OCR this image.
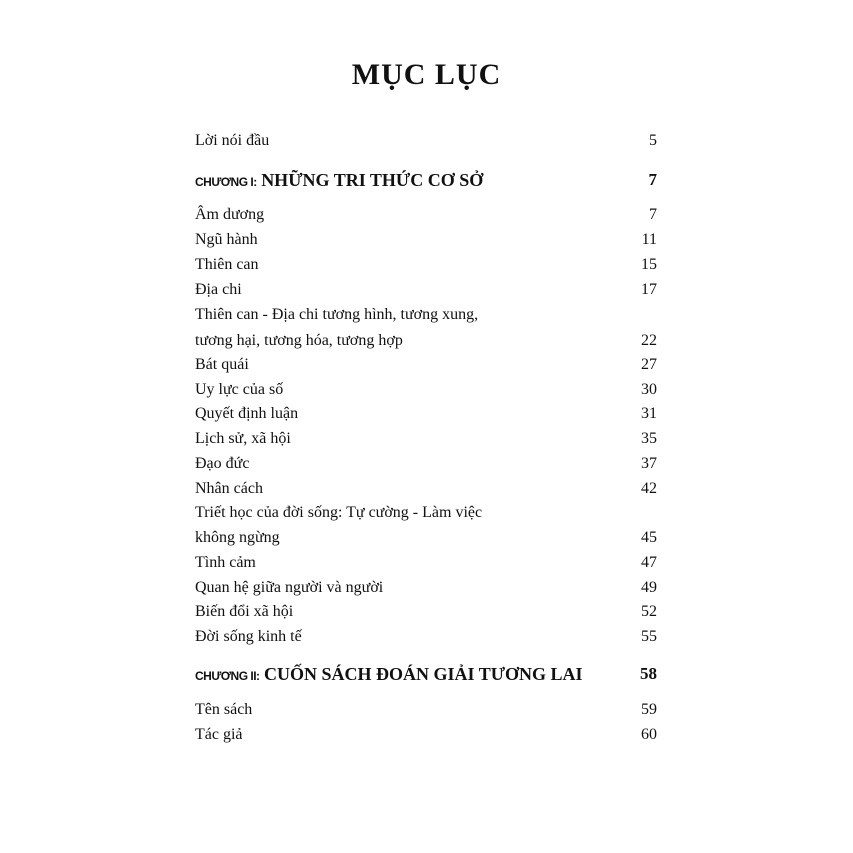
MỤC LỤC
Lời nói đầu	5
CHƯƠNG I: NHỮNG TRI THỨC CƠ SỞ	7
Âm dương	7
Ngũ hành	11
Thiên can	15
Địa chi	17
Thiên can - Địa chi tương hình, tương xung,
tương hại, tương hóa, tương hợp	22
Bát quái	27
Uy lực của số	30
Quyết định luận	31
Lịch sử, xã hội	35
Đạo đức	37
Nhân cách	42
Triết học của đời sống: Tự cường - Làm việc
không ngừng	45
Tình cảm	47
Quan hệ giữa người và người	49
Biến đổi xã hội	52
Đời sống kinh tế	55
CHƯƠNG II: CUỐN SÁCH ĐOÁN GIẢI TƯƠNG LAI	58
Tên sách	59
Tác giả	60
